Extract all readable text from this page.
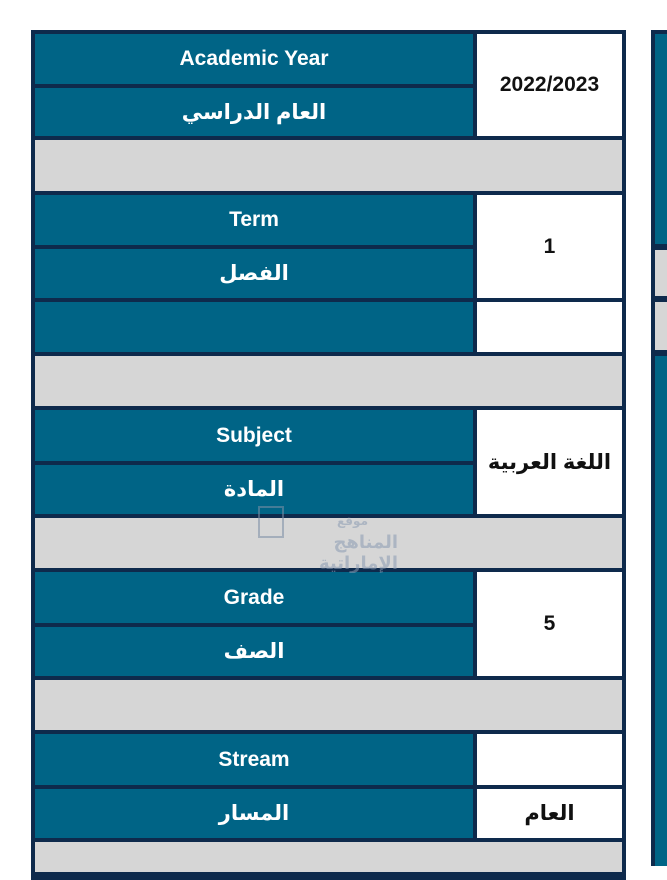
Academic Year
العام الدراسي
2022/2023
Term
الفصل
1
Subject
المادة
اللغة العربية
Grade
الصف
5
Stream
المسار	العام
موقع
المناهج الإماراتية
